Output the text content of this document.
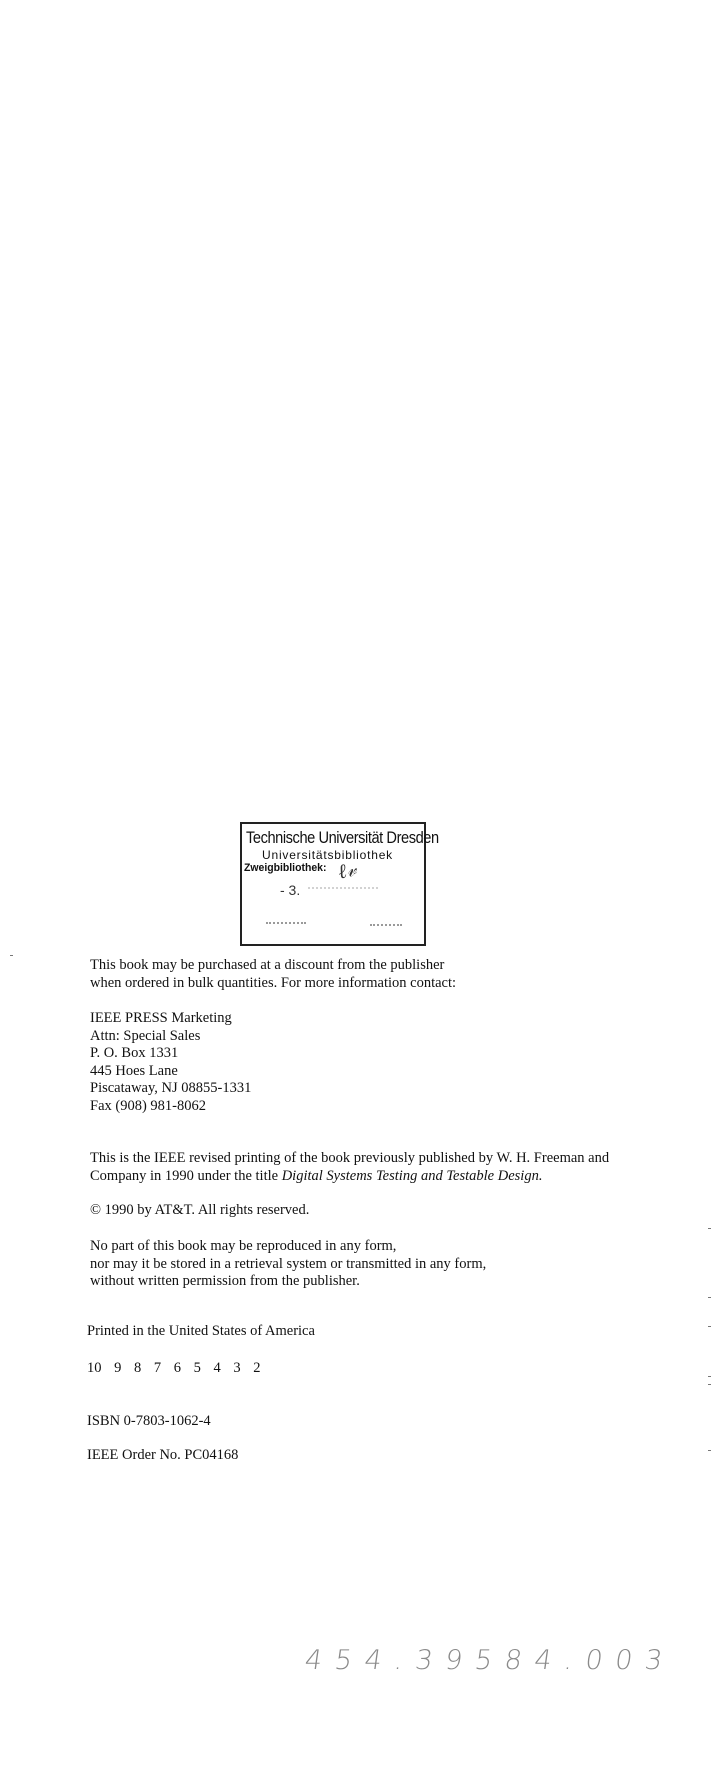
Technische Universität Dresden
Universitätsbibliothek
Zweigbibliothek: ℓ𝓋
- 3.

This book may be purchased at a discount from the publisher

when ordered in bulk quantities. For more information contact:

IEEE PRESS Marketing

Attn: Special Sales

P. O. Box 1331

445 Hoes Lane

Piscataway, NJ 08855-1331

Fax (908) 981-8062

This is the IEEE revised printing of the book previously published by W. H. Freeman and

Company in 1990 under the title Digital Systems Testing and Testable Design.

© 1990 by AT&T. All rights reserved.

No part of this book may be reproduced in any form,

nor may it be stored in a retrieval system or transmitted in any form,

without written permission from the publisher.

Printed in the United States of America
10 9 8 7 6 5 4 3 2
ISBN 0-7803-1062-4
IEEE Order No. PC04168
4 5 4 . 3 9 5 8 4 . 0 0 3
